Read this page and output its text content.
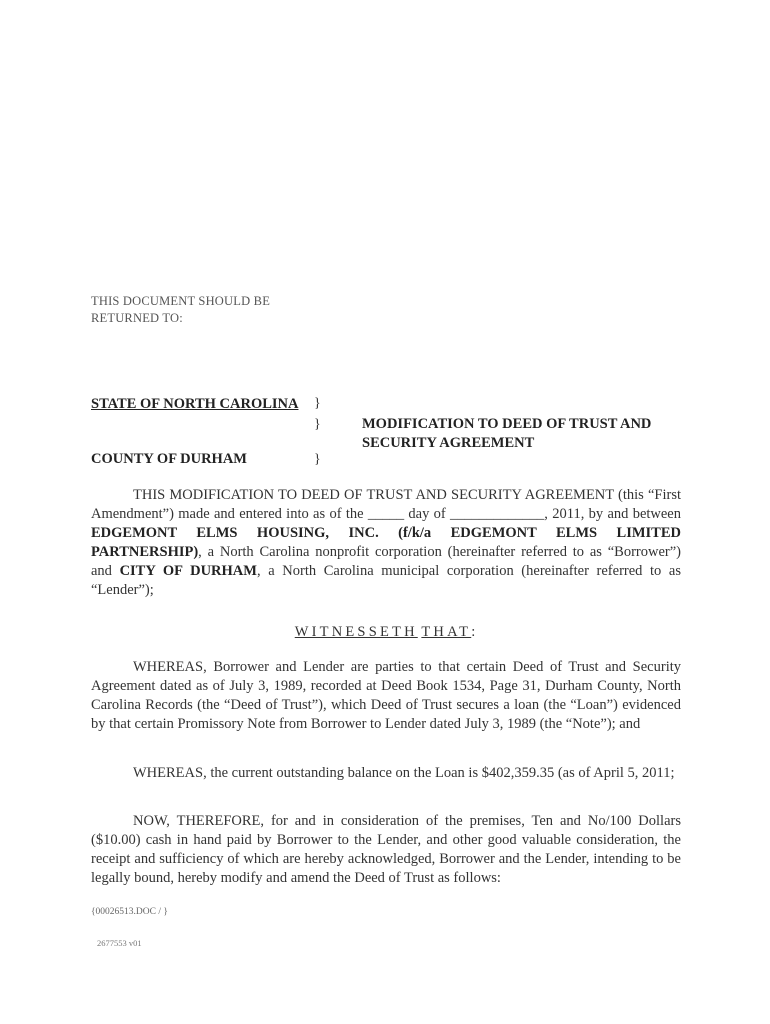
THIS DOCUMENT SHOULD BE
RETURNED TO:
STATE OF NORTH CAROLINA
COUNTY OF DURHAM
}
}
}
MODIFICATION TO DEED OF TRUST AND
SECURITY AGREEMENT
THIS MODIFICATION TO DEED OF TRUST AND SECURITY AGREEMENT (this “First Amendment”) made and entered into as of the _____ day of _____________, 2011, by and between EDGEMONT ELMS HOUSING, INC. (f/k/a EDGEMONT ELMS LIMITED PARTNERSHIP), a North Carolina nonprofit corporation (hereinafter referred to as “Borrower”) and CITY OF DURHAM, a North Carolina municipal corporation (hereinafter referred to as “Lender”);
WITNESSETH THAT:
WHEREAS, Borrower and Lender are parties to that certain Deed of Trust and Security Agreement dated as of July 3, 1989, recorded at Deed Book 1534, Page 31, Durham County, North Carolina Records (the “Deed of Trust”), which Deed of Trust secures a loan (the “Loan”) evidenced by that certain Promissory Note from Borrower to Lender dated July 3, 1989 (the “Note”); and
WHEREAS, the current outstanding balance on the Loan is $402,359.35 (as of April 5, 2011;
NOW, THEREFORE, for and in consideration of the premises, Ten and No/100 Dollars ($10.00) cash in hand paid by Borrower to the Lender, and other good valuable consideration, the receipt and sufficiency of which are hereby acknowledged, Borrower and the Lender, intending to be legally bound, hereby modify and amend the Deed of Trust as follows:
{00026513.DOC / }
2677553 v01
